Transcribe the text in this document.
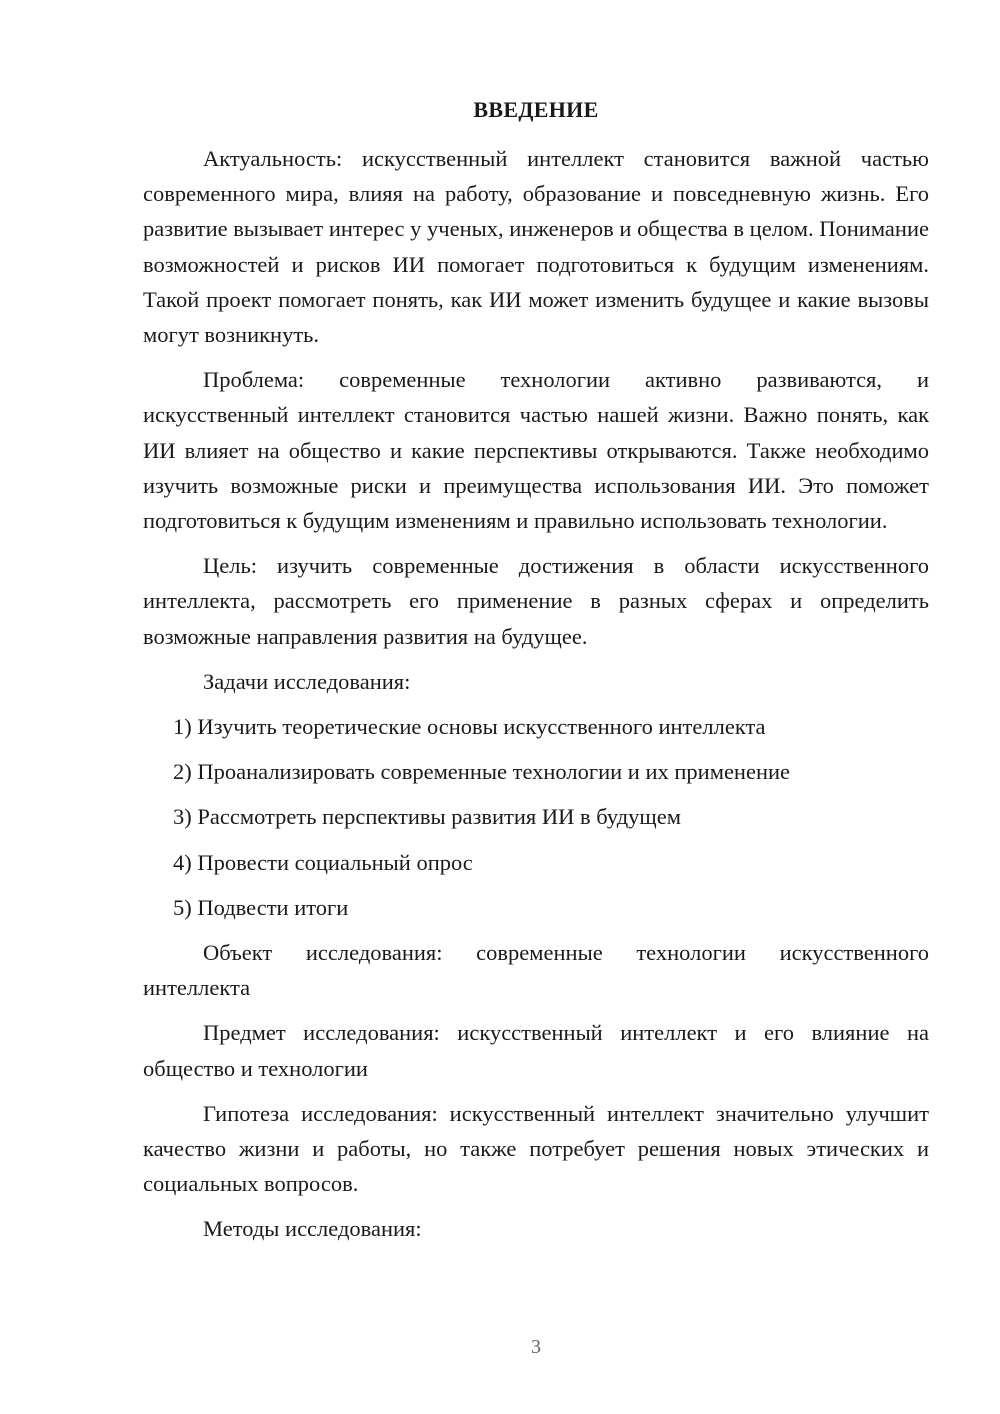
ВВЕДЕНИЕ

Актуальность: искусственный интеллект становится важной частью современного мира, влияя на работу, образование и повседневную жизнь. Его развитие вызывает интерес у ученых, инженеров и общества в целом. Понимание возможностей и рисков ИИ помогает подготовиться к будущим изменениям. Такой проект помогает понять, как ИИ может изменить будущее и какие вызовы могут возникнуть.

Проблема: современные технологии активно развиваются, и искусственный интеллект становится частью нашей жизни. Важно понять, как ИИ влияет на общество и какие перспективы открываются. Также необходимо изучить возможные риски и преимущества использования ИИ. Это поможет подготовиться к будущим изменениям и правильно использовать технологии.

Цель: изучить современные достижения в области искусственного интеллекта, рассмотреть его применение в разных сферах и определить возможные направления развития на будущее.

Задачи исследования:

1) Изучить теоретические основы искусственного интеллекта

2) Проанализировать современные технологии и их применение

3) Рассмотреть перспективы развития ИИ в будущем

4) Провести социальный опрос

5) Подвести итоги

Объект исследования: современные технологии искусственного интеллекта

Предмет исследования: искусственный интеллект и его влияние на общество и технологии

Гипотеза исследования: искусственный интеллект значительно улучшит качество жизни и работы, но также потребует решения новых этических и социальных вопросов.

Методы исследования:

3
